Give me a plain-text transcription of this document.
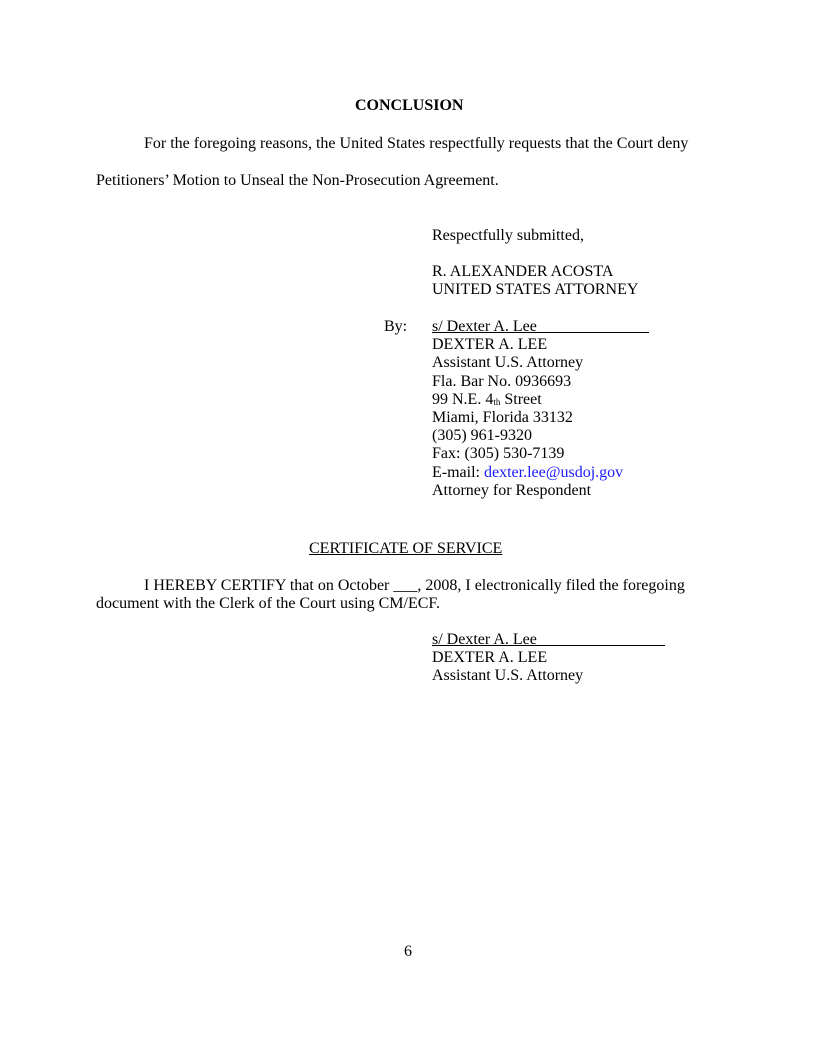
CONCLUSION
For the foregoing reasons, the United States respectfully requests that the Court deny
Petitioners’ Motion to Unseal the Non-Prosecution Agreement.
Respectfully submitted,
R. ALEXANDER ACOSTA
UNITED STATES ATTORNEY
By: s/ Dexter A. Lee______________
DEXTER A. LEE
Assistant U.S. Attorney
Fla. Bar No. 0936693
99 N.E. 4th Street
Miami, Florida 33132
(305) 961-9320
Fax: (305) 530-7139
E-mail: dexter.lee@usdoj.gov
Attorney for Respondent
CERTIFICATE OF SERVICE
I HEREBY CERTIFY that on October ___, 2008, I electronically filed the foregoing
document with the Clerk of the Court using CM/ECF.
s/ Dexter A. Lee________________
DEXTER A. LEE
Assistant U.S. Attorney
6
